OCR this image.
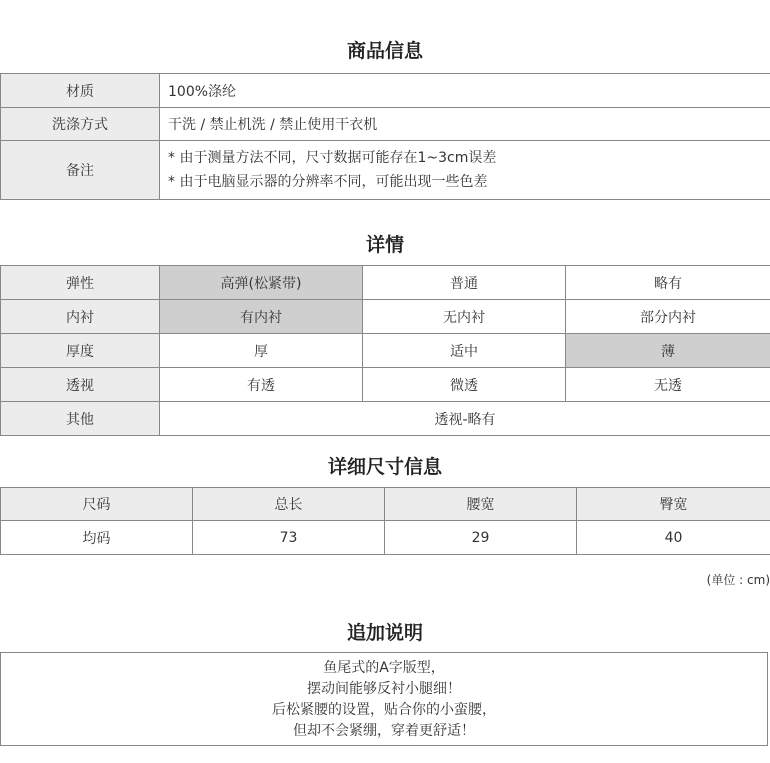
商品信息
材质	100%涤纶
洗涤方式	干洗 / 禁止机洗 / 禁止使用干衣机
备注	* 由于测量方法不同，尺寸数据可能存在1~3cm误差
* 由于电脑显示器的分辨率不同，可能出现一些色差
详情
弹性	高弹(松紧带)	普通	略有
内衬	有内衬	无内衬	部分内衬
厚度	厚	适中	薄
透视	有透	微透	无透
其他	透视-略有		
详细尺寸信息
尺码	总长	腰宽	臀宽
均码	73	29	40
(单位 : cm)
追加说明
鱼尾式的A字版型，
摆动间能够反衬小腿细！
后松紧腰的设置，贴合你的小蛮腰，
但却不会紧绷，穿着更舒适！
